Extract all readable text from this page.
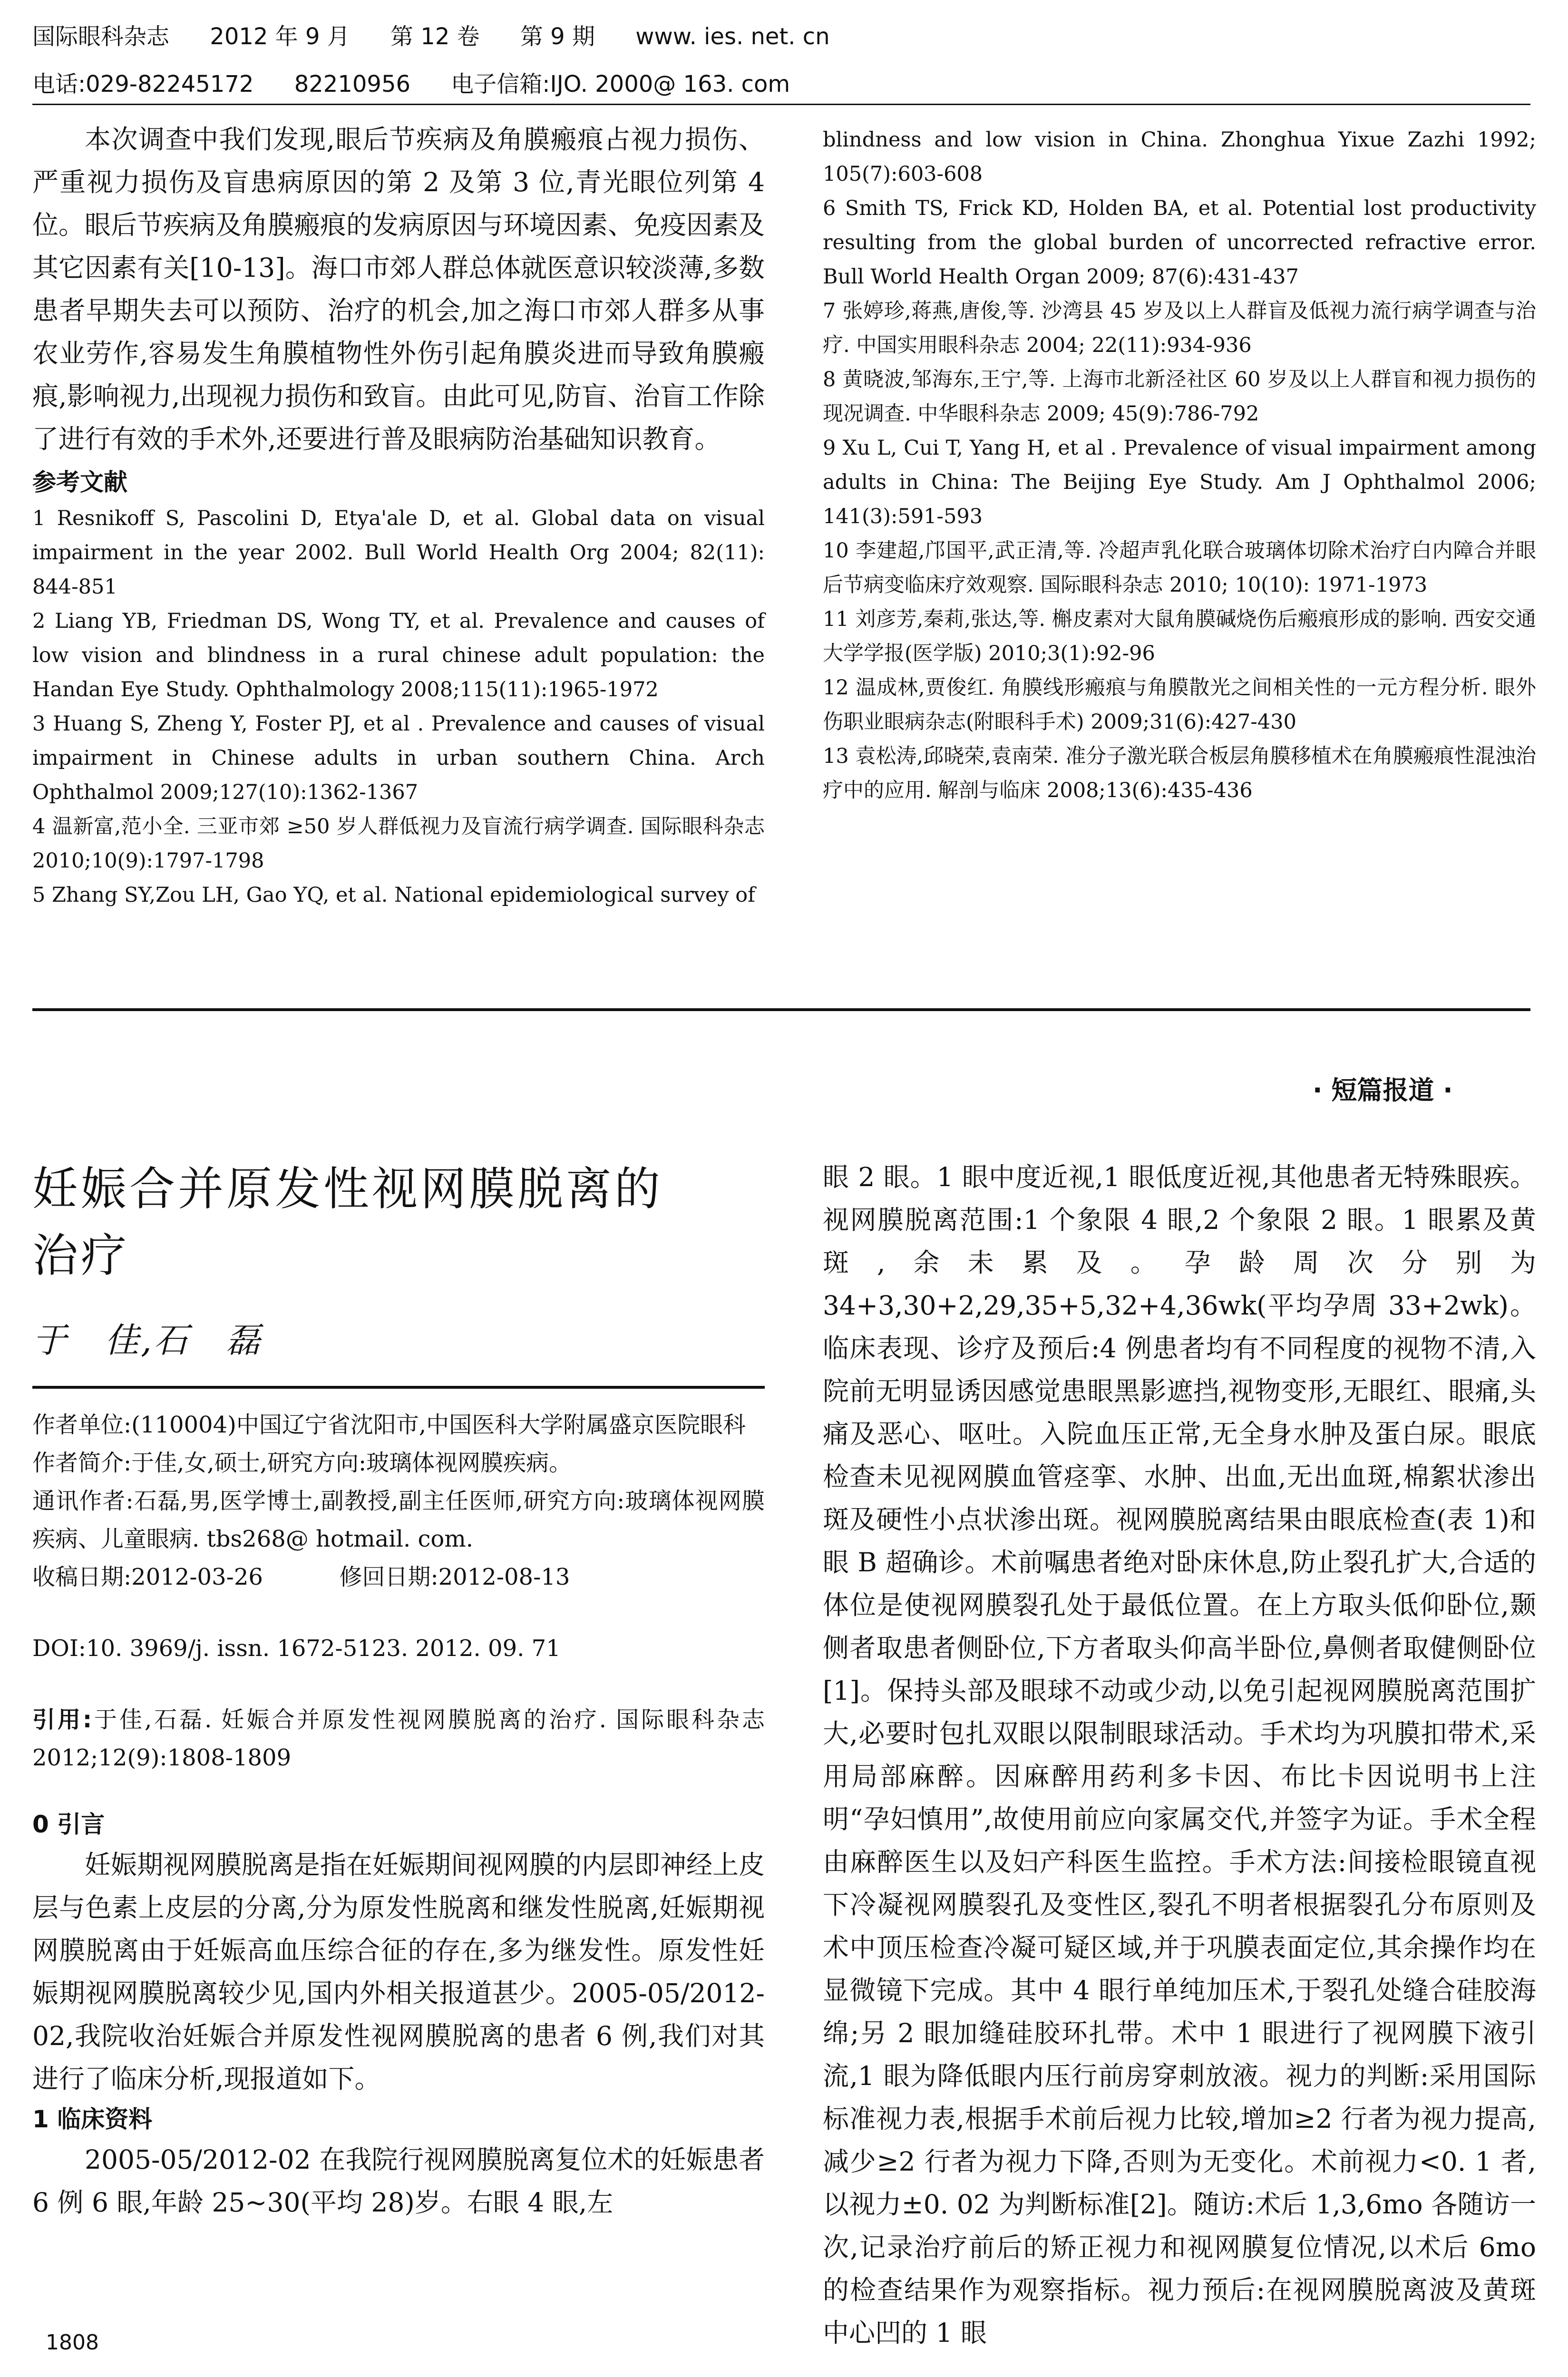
国际眼科杂志 2012 年 9 月 第 12 卷 第 9 期 www. ies. net. cn
电话:029-82245172 82210956 电子信箱:IJO. 2000@ 163. com

本次调查中我们发现,眼后节疾病及角膜瘢痕占视力损伤、严重视力损伤及盲患病原因的第 2 及第 3 位,青光眼位列第 4 位。眼后节疾病及角膜瘢痕的发病原因与环境因素、免疫因素及其它因素有关[10-13]。海口市郊人群总体就医意识较淡薄,多数患者早期失去可以预防、治疗的机会,加之海口市郊人群多从事农业劳作,容易发生角膜植物性外伤引起角膜炎进而导致角膜瘢痕,影响视力,出现视力损伤和致盲。由此可见,防盲、治盲工作除了进行有效的手术外,还要进行普及眼病防治基础知识教育。

参考文献

1 Resnikoff S, Pascolini D, Etya'ale D, et al. Global data on visual impairment in the year 2002. Bull World Health Org 2004; 82(11): 844-851

2 Liang YB, Friedman DS, Wong TY, et al. Prevalence and causes of low vision and blindness in a rural chinese adult population: the Handan Eye Study. Ophthalmology 2008;115(11):1965-1972

3 Huang S, Zheng Y, Foster PJ, et al . Prevalence and causes of visual impairment in Chinese adults in urban southern China. Arch Ophthalmol 2009;127(10):1362-1367

4 温新富,范小全. 三亚市郊 ≥50 岁人群低视力及盲流行病学调查. 国际眼科杂志 2010;10(9):1797-1798

5 Zhang SY,Zou LH, Gao YQ, et al. National epidemiological survey of

blindness and low vision in China. Zhonghua Yixue Zazhi 1992; 105(7):603-608

6 Smith TS, Frick KD, Holden BA, et al. Potential lost productivity resulting from the global burden of uncorrected refractive error. Bull World Health Organ 2009; 87(6):431-437

7 张婷珍,蒋燕,唐俊,等. 沙湾县 45 岁及以上人群盲及低视力流行病学调查与治疗. 中国实用眼科杂志 2004; 22(11):934-936

8 黄晓波,邹海东,王宁,等. 上海市北新泾社区 60 岁及以上人群盲和视力损伤的现况调查. 中华眼科杂志 2009; 45(9):786-792

9 Xu L, Cui T, Yang H, et al . Prevalence of visual impairment among adults in China: The Beijing Eye Study. Am J Ophthalmol 2006; 141(3):591-593

10 李建超,邝国平,武正清,等. 冷超声乳化联合玻璃体切除术治疗白内障合并眼后节病变临床疗效观察. 国际眼科杂志 2010; 10(10): 1971-1973

11 刘彦芳,秦莉,张达,等. 槲皮素对大鼠角膜碱烧伤后瘢痕形成的影响. 西安交通大学学报(医学版) 2010;3(1):92-96

12 温成林,贾俊红. 角膜线形瘢痕与角膜散光之间相关性的一元方程分析. 眼外伤职业眼病杂志(附眼科手术) 2009;31(6):427-430

13 袁松涛,邱晓荣,袁南荣. 准分子激光联合板层角膜移植术在角膜瘢痕性混浊治疗中的应用. 解剖与临床 2008;13(6):435-436

· 短篇报道 ·

妊娠合并原发性视网膜脱离的

治疗

于　佳,石　磊

作者单位:(110004)中国辽宁省沈阳市,中国医科大学附属盛京医院眼科

作者简介:于佳,女,硕士,研究方向:玻璃体视网膜疾病。

通讯作者:石磊,男,医学博士,副教授,副主任医师,研究方向:玻璃体视网膜疾病、儿童眼病. tbs268@ hotmail. com.

收稿日期:2012-03-26	修回日期:2012-08-13

DOI:10. 3969/j. issn. 1672-5123. 2012. 09. 71

引用:于佳,石磊. 妊娠合并原发性视网膜脱离的治疗. 国际眼科杂志 2012;12(9):1808-1809

0 引言

妊娠期视网膜脱离是指在妊娠期间视网膜的内层即神经上皮层与色素上皮层的分离,分为原发性脱离和继发性脱离,妊娠期视网膜脱离由于妊娠高血压综合征的存在,多为继发性。原发性妊娠期视网膜脱离较少见,国内外相关报道甚少。2005-05/2012-02,我院收治妊娠合并原发性视网膜脱离的患者 6 例,我们对其进行了临床分析,现报道如下。

1 临床资料

2005-05/2012-02 在我院行视网膜脱离复位术的妊娠患者 6 例 6 眼,年龄 25~30(平均 28)岁。右眼 4 眼,左

眼 2 眼。1 眼中度近视,1 眼低度近视,其他患者无特殊眼疾。视网膜脱离范围:1 个象限 4 眼,2 个象限 2 眼。1 眼累及黄斑,余未累及。孕龄周次分别为 34+3,30+2,29,35+5,32+4,36wk(平均孕周 33+2wk)。临床表现、诊疗及预后:4 例患者均有不同程度的视物不清,入院前无明显诱因感觉患眼黑影遮挡,视物变形,无眼红、眼痛,头痛及恶心、呕吐。入院血压正常,无全身水肿及蛋白尿。眼底检查未见视网膜血管痉挛、水肿、出血,无出血斑,棉絮状渗出斑及硬性小点状渗出斑。视网膜脱离结果由眼底检查(表 1)和眼 B 超确诊。术前嘱患者绝对卧床休息,防止裂孔扩大,合适的体位是使视网膜裂孔处于最低位置。在上方取头低仰卧位,颞侧者取患者侧卧位,下方者取头仰高半卧位,鼻侧者取健侧卧位[1]。保持头部及眼球不动或少动,以免引起视网膜脱离范围扩大,必要时包扎双眼以限制眼球活动。手术均为巩膜扣带术,采用局部麻醉。因麻醉用药利多卡因、布比卡因说明书上注明“孕妇慎用”,故使用前应向家属交代,并签字为证。手术全程由麻醉医生以及妇产科医生监控。手术方法:间接检眼镜直视下冷凝视网膜裂孔及变性区,裂孔不明者根据裂孔分布原则及术中顶压检查冷凝可疑区域,并于巩膜表面定位,其余操作均在显微镜下完成。其中 4 眼行单纯加压术,于裂孔处缝合硅胶海绵;另 2 眼加缝硅胶环扎带。术中 1 眼进行了视网膜下液引流,1 眼为降低眼内压行前房穿刺放液。视力的判断:采用国际标准视力表,根据手术前后视力比较,增加≥2 行者为视力提高,减少≥2 行者为视力下降,否则为无变化。术前视力<0. 1 者,以视力±0. 02 为判断标准[2]。随访:术后 1,3,6mo 各随访一次,记录治疗前后的矫正视力和视网膜复位情况,以术后 6mo 的检查结果作为观察指标。视力预后:在视网膜脱离波及黄斑中心凹的 1 眼

1808
